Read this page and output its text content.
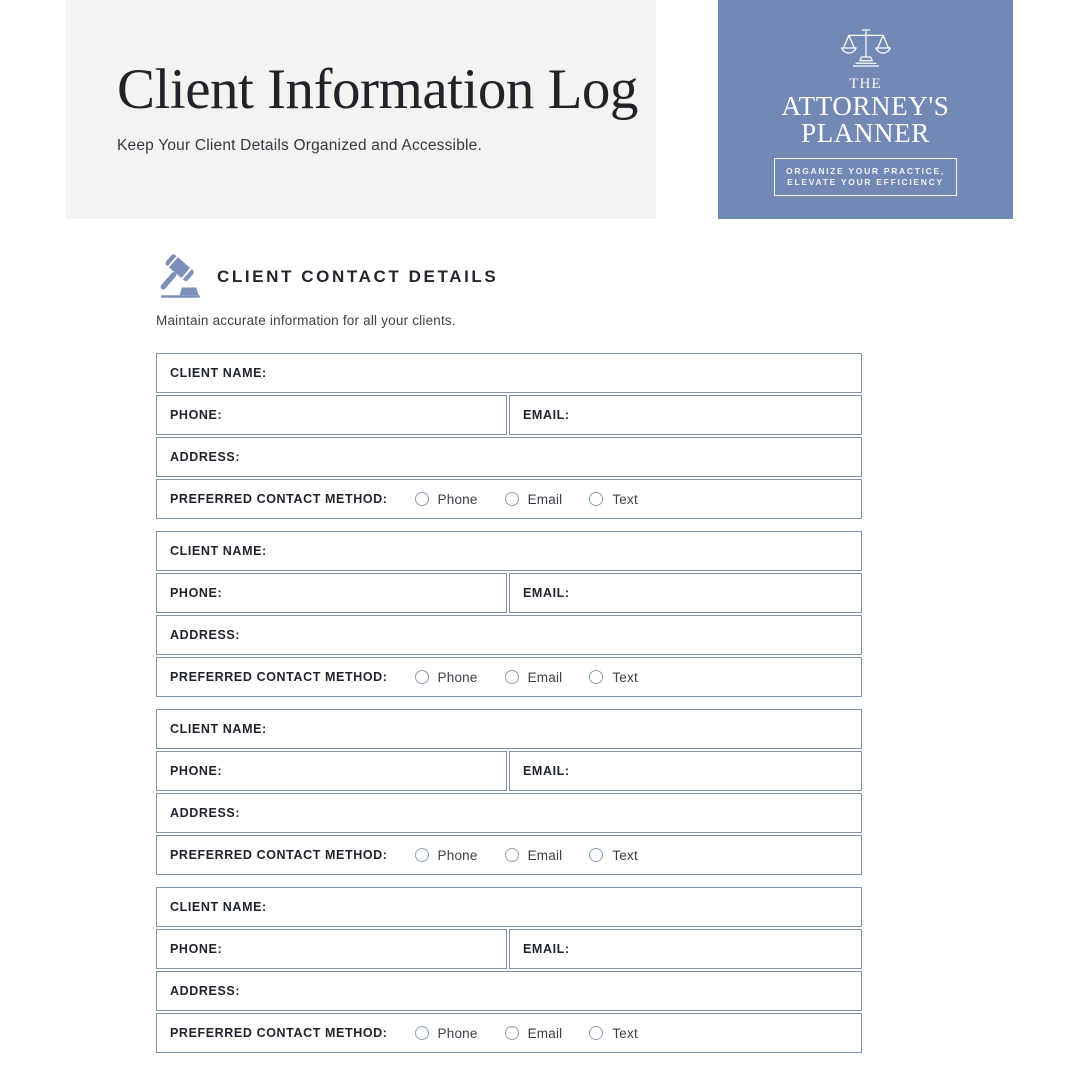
Client Information Log
Keep Your Client Details Organized and Accessible.
THE
ATTORNEY'S
PLANNER
ORGANIZE YOUR PRACTICE,
ELEVATE YOUR EFFICIENCY
CLIENT CONTACT DETAILS
Maintain accurate information for all your clients.
CLIENT NAME:
PHONE:	EMAIL:
ADDRESS:
PREFERRED CONTACT METHOD:	Phone	Email	Text
CLIENT NAME:
PHONE:	EMAIL:
ADDRESS:
PREFERRED CONTACT METHOD:	Phone	Email	Text
CLIENT NAME:
PHONE:	EMAIL:
ADDRESS:
PREFERRED CONTACT METHOD:	Phone	Email	Text
CLIENT NAME:
PHONE:	EMAIL:
ADDRESS:
PREFERRED CONTACT METHOD:	Phone	Email	Text
